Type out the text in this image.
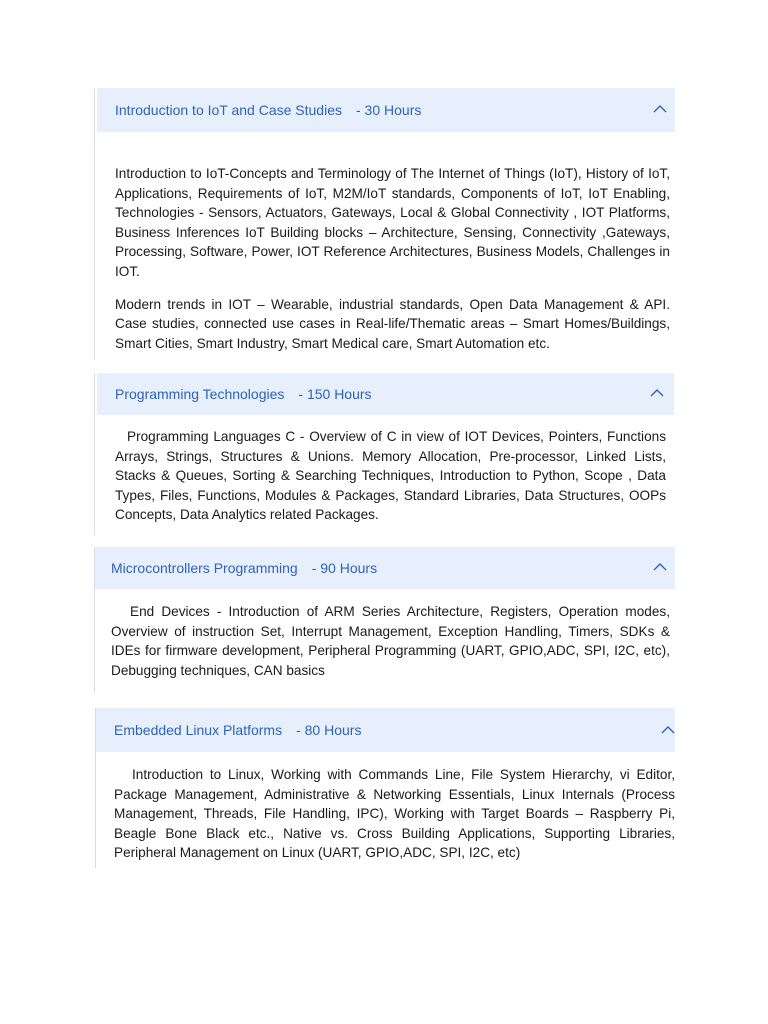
Introduction to IoT and Case Studies - 30 Hours

Introduction to IoT-Concepts and Terminology of The Internet of Things (IoT), History of IoT, Applications, Requirements of IoT, M2M/IoT standards, Components of IoT, IoT Enabling, Technologies - Sensors, Actuators, Gateways, Local & Global Connectivity , IOT Platforms, Business Inferences IoT Building blocks – Architecture, Sensing, Connectivity ,Gateways, Processing, Software, Power, IOT Reference Architectures, Business Models, Challenges in IOT.

Modern trends in IOT – Wearable, industrial standards, Open Data Management & API. Case studies, connected use cases in Real-life/Thematic areas – Smart Homes/Buildings, Smart Cities, Smart Industry, Smart Medical care, Smart Automation etc.

Programming Technologies - 150 Hours

Programming Languages C - Overview of C in view of IOT Devices, Pointers, Functions Arrays, Strings, Structures & Unions. Memory Allocation, Pre-processor, Linked Lists, Stacks & Queues, Sorting & Searching Techniques, Introduction to Python, Scope , Data Types, Files, Functions, Modules & Packages, Standard Libraries, Data Structures, OOPs Concepts, Data Analytics related Packages.

Microcontrollers Programming - 90 Hours

End Devices - Introduction of ARM Series Architecture, Registers, Operation modes, Overview of instruction Set, Interrupt Management, Exception Handling, Timers, SDKs & IDEs for firmware development, Peripheral Programming (UART, GPIO,ADC, SPI, I2C, etc), Debugging techniques, CAN basics

Embedded Linux Platforms - 80 Hours

Introduction to Linux, Working with Commands Line, File System Hierarchy, vi Editor, Package Management, Administrative & Networking Essentials, Linux Internals (Process Management, Threads, File Handling, IPC), Working with Target Boards – Raspberry Pi, Beagle Bone Black etc., Native vs. Cross Building Applications, Supporting Libraries, Peripheral Management on Linux (UART, GPIO,ADC, SPI, I2C, etc)
